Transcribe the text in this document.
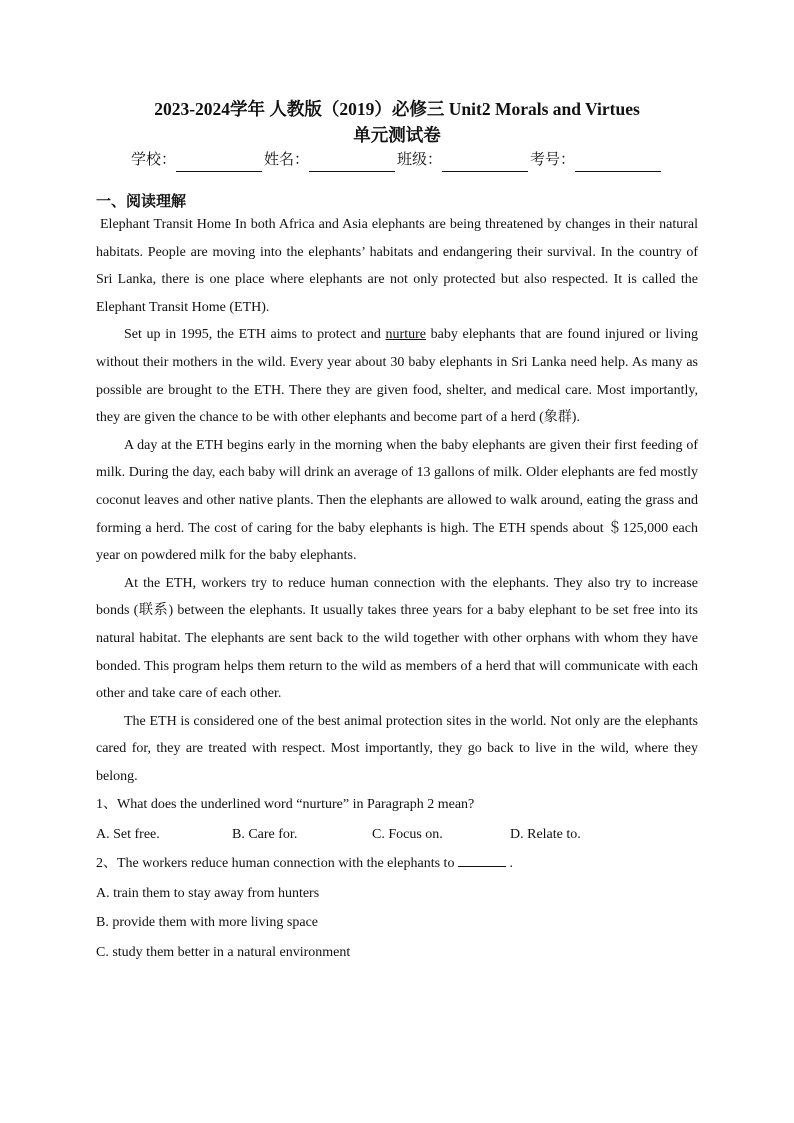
2023-2024学年 人教版（2019）必修三 Unit2 Morals and Virtues
单元测试卷
学校：	姓名：	班级：	考号：
一、阅读理解

Elephant Transit Home In both Africa and Asia elephants are being threatened by changes in their natural habitats. People are moving into the elephants’ habitats and endangering their survival. In the country of Sri Lanka, there is one place where elephants are not only protected but also respected. It is called the Elephant Transit Home (ETH).

Set up in 1995, the ETH aims to protect and nurture baby elephants that are found injured or living without their mothers in the wild. Every year about 30 baby elephants in Sri Lanka need help. As many as possible are brought to the ETH. There they are given food, shelter, and medical care. Most importantly, they are given the chance to be with other elephants and become part of a herd (象群).

A day at the ETH begins early in the morning when the baby elephants are given their first feeding of milk. During the day, each baby will drink an average of 13 gallons of milk. Older elephants are fed mostly coconut leaves and other native plants. Then the elephants are allowed to walk around, eating the grass and forming a herd. The cost of caring for the baby elephants is high. The ETH spends about ＄125,000 each year on powdered milk for the baby elephants.

At the ETH, workers try to reduce human connection with the elephants. They also try to increase bonds (联系) between the elephants. It usually takes three years for a baby elephant to be set free into its natural habitat. The elephants are sent back to the wild together with other orphans with whom they have bonded. This program helps them return to the wild as members of a herd that will communicate with each other and take care of each other.

The ETH is considered one of the best animal protection sites in the world. Not only are the elephants cared for, they are treated with respect. Most importantly, they go back to live in the wild, where they belong.

1、What does the underlined word “nurture” in Paragraph 2 mean?

A. Set free.	B. Care for.	C. Focus on.	D. Relate to.

2、The workers reduce human connection with the elephants to	.

A. train them to stay away from hunters

B. provide them with more living space

C. study them better in a natural environment
